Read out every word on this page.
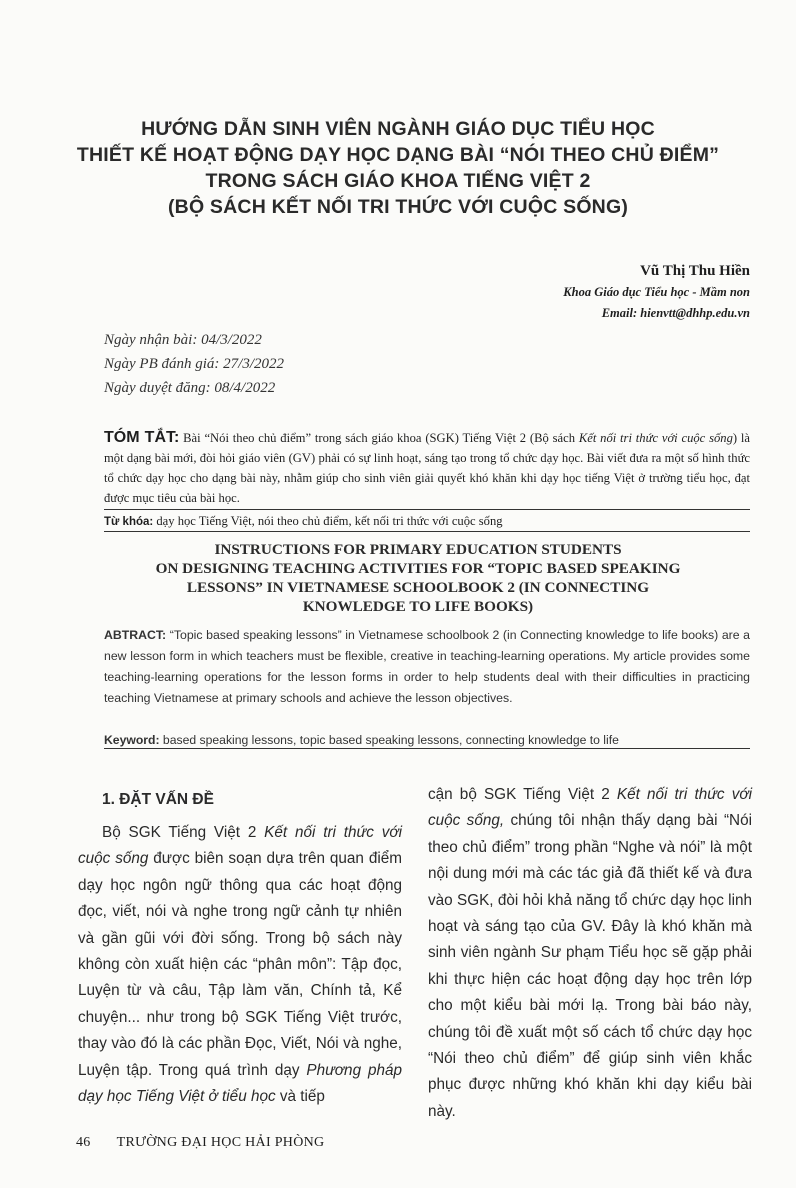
HƯỚNG DẪN SINH VIÊN NGÀNH GIÁO DỤC TIỂU HỌC
THIẾT KẾ HOẠT ĐỘNG DẠY HỌC DẠNG BÀI “NÓI THEO CHỦ ĐIỂM”
TRONG SÁCH GIÁO KHOA TIẾNG VIỆT 2
(BỘ SÁCH KẾT NỐI TRI THỨC VỚI CUỘC SỐNG)
Vũ Thị Thu Hiền
Khoa Giáo dục Tiểu học - Mầm non
Email: hienvtt@dhhp.edu.vn
Ngày nhận bài: 04/3/2022
Ngày PB đánh giá: 27/3/2022
Ngày duyệt đăng: 08/4/2022
TÓM TẮT: Bài “Nói theo chủ điểm” trong sách giáo khoa (SGK) Tiếng Việt 2 (Bộ sách Kết nối tri thức với cuộc sống) là một dạng bài mới, đòi hỏi giáo viên (GV) phải có sự linh hoạt, sáng tạo trong tổ chức dạy học. Bài viết đưa ra một số hình thức tổ chức dạy học cho dạng bài này, nhằm giúp cho sinh viên giải quyết khó khăn khi dạy học tiếng Việt ở trường tiểu học, đạt được mục tiêu của bài học.
Từ khóa: dạy học Tiếng Việt, nói theo chủ điểm, kết nối tri thức với cuộc sống
INSTRUCTIONS FOR PRIMARY EDUCATION STUDENTS
ON DESIGNING TEACHING ACTIVITIES FOR “TOPIC BASED SPEAKING
LESSONS” IN VIETNAMESE SCHOOLBOOK 2 (IN CONNECTING
KNOWLEDGE TO LIFE BOOKS)
ABTRACT: “Topic based speaking lessons” in Vietnamese schoolbook 2 (in Connecting knowledge to life books) are a new lesson form in which teachers must be flexible, creative in teaching-learning operations. My article provides some teaching-learning operations for the lesson forms in order to help students deal with their difficulties in practicing teaching Vietnamese at primary schools and achieve the lesson objectives.
Keyword: based speaking lessons, topic based speaking lessons, connecting knowledge to life

1. ĐẶT VẤN ĐỀ

Bộ SGK Tiếng Việt 2 Kết nối tri thức với cuộc sống được biên soạn dựa trên quan điểm dạy học ngôn ngữ thông qua các hoạt động đọc, viết, nói và nghe trong ngữ cảnh tự nhiên và gần gũi với đời sống. Trong bộ sách này không còn xuất hiện các “phân môn”: Tập đọc, Luyện từ và câu, Tập làm văn, Chính tả, Kể chuyện... như trong bộ SGK Tiếng Việt trước, thay vào đó là các phần Đọc, Viết, Nói và nghe, Luyện tập. Trong quá trình dạy Phương pháp dạy học Tiếng Việt ở tiểu học và tiếp

cận bộ SGK Tiếng Việt 2 Kết nối tri thức với cuộc sống, chúng tôi nhận thấy dạng bài “Nói theo chủ điểm” trong phần “Nghe và nói” là một nội dung mới mà các tác giả đã thiết kế và đưa vào SGK, đòi hỏi khả năng tổ chức dạy học linh hoạt và sáng tạo của GV. Đây là khó khăn mà sinh viên ngành Sư phạm Tiểu học sẽ gặp phải khi thực hiện các hoạt động dạy học trên lớp cho một kiểu bài mới lạ. Trong bài báo này, chúng tôi đề xuất một số cách tổ chức dạy học “Nói theo chủ điểm” để giúp sinh viên khắc phục được những khó khăn khi dạy kiểu bài này.

46 TRƯỜNG ĐẠI HỌC HẢI PHÒNG
